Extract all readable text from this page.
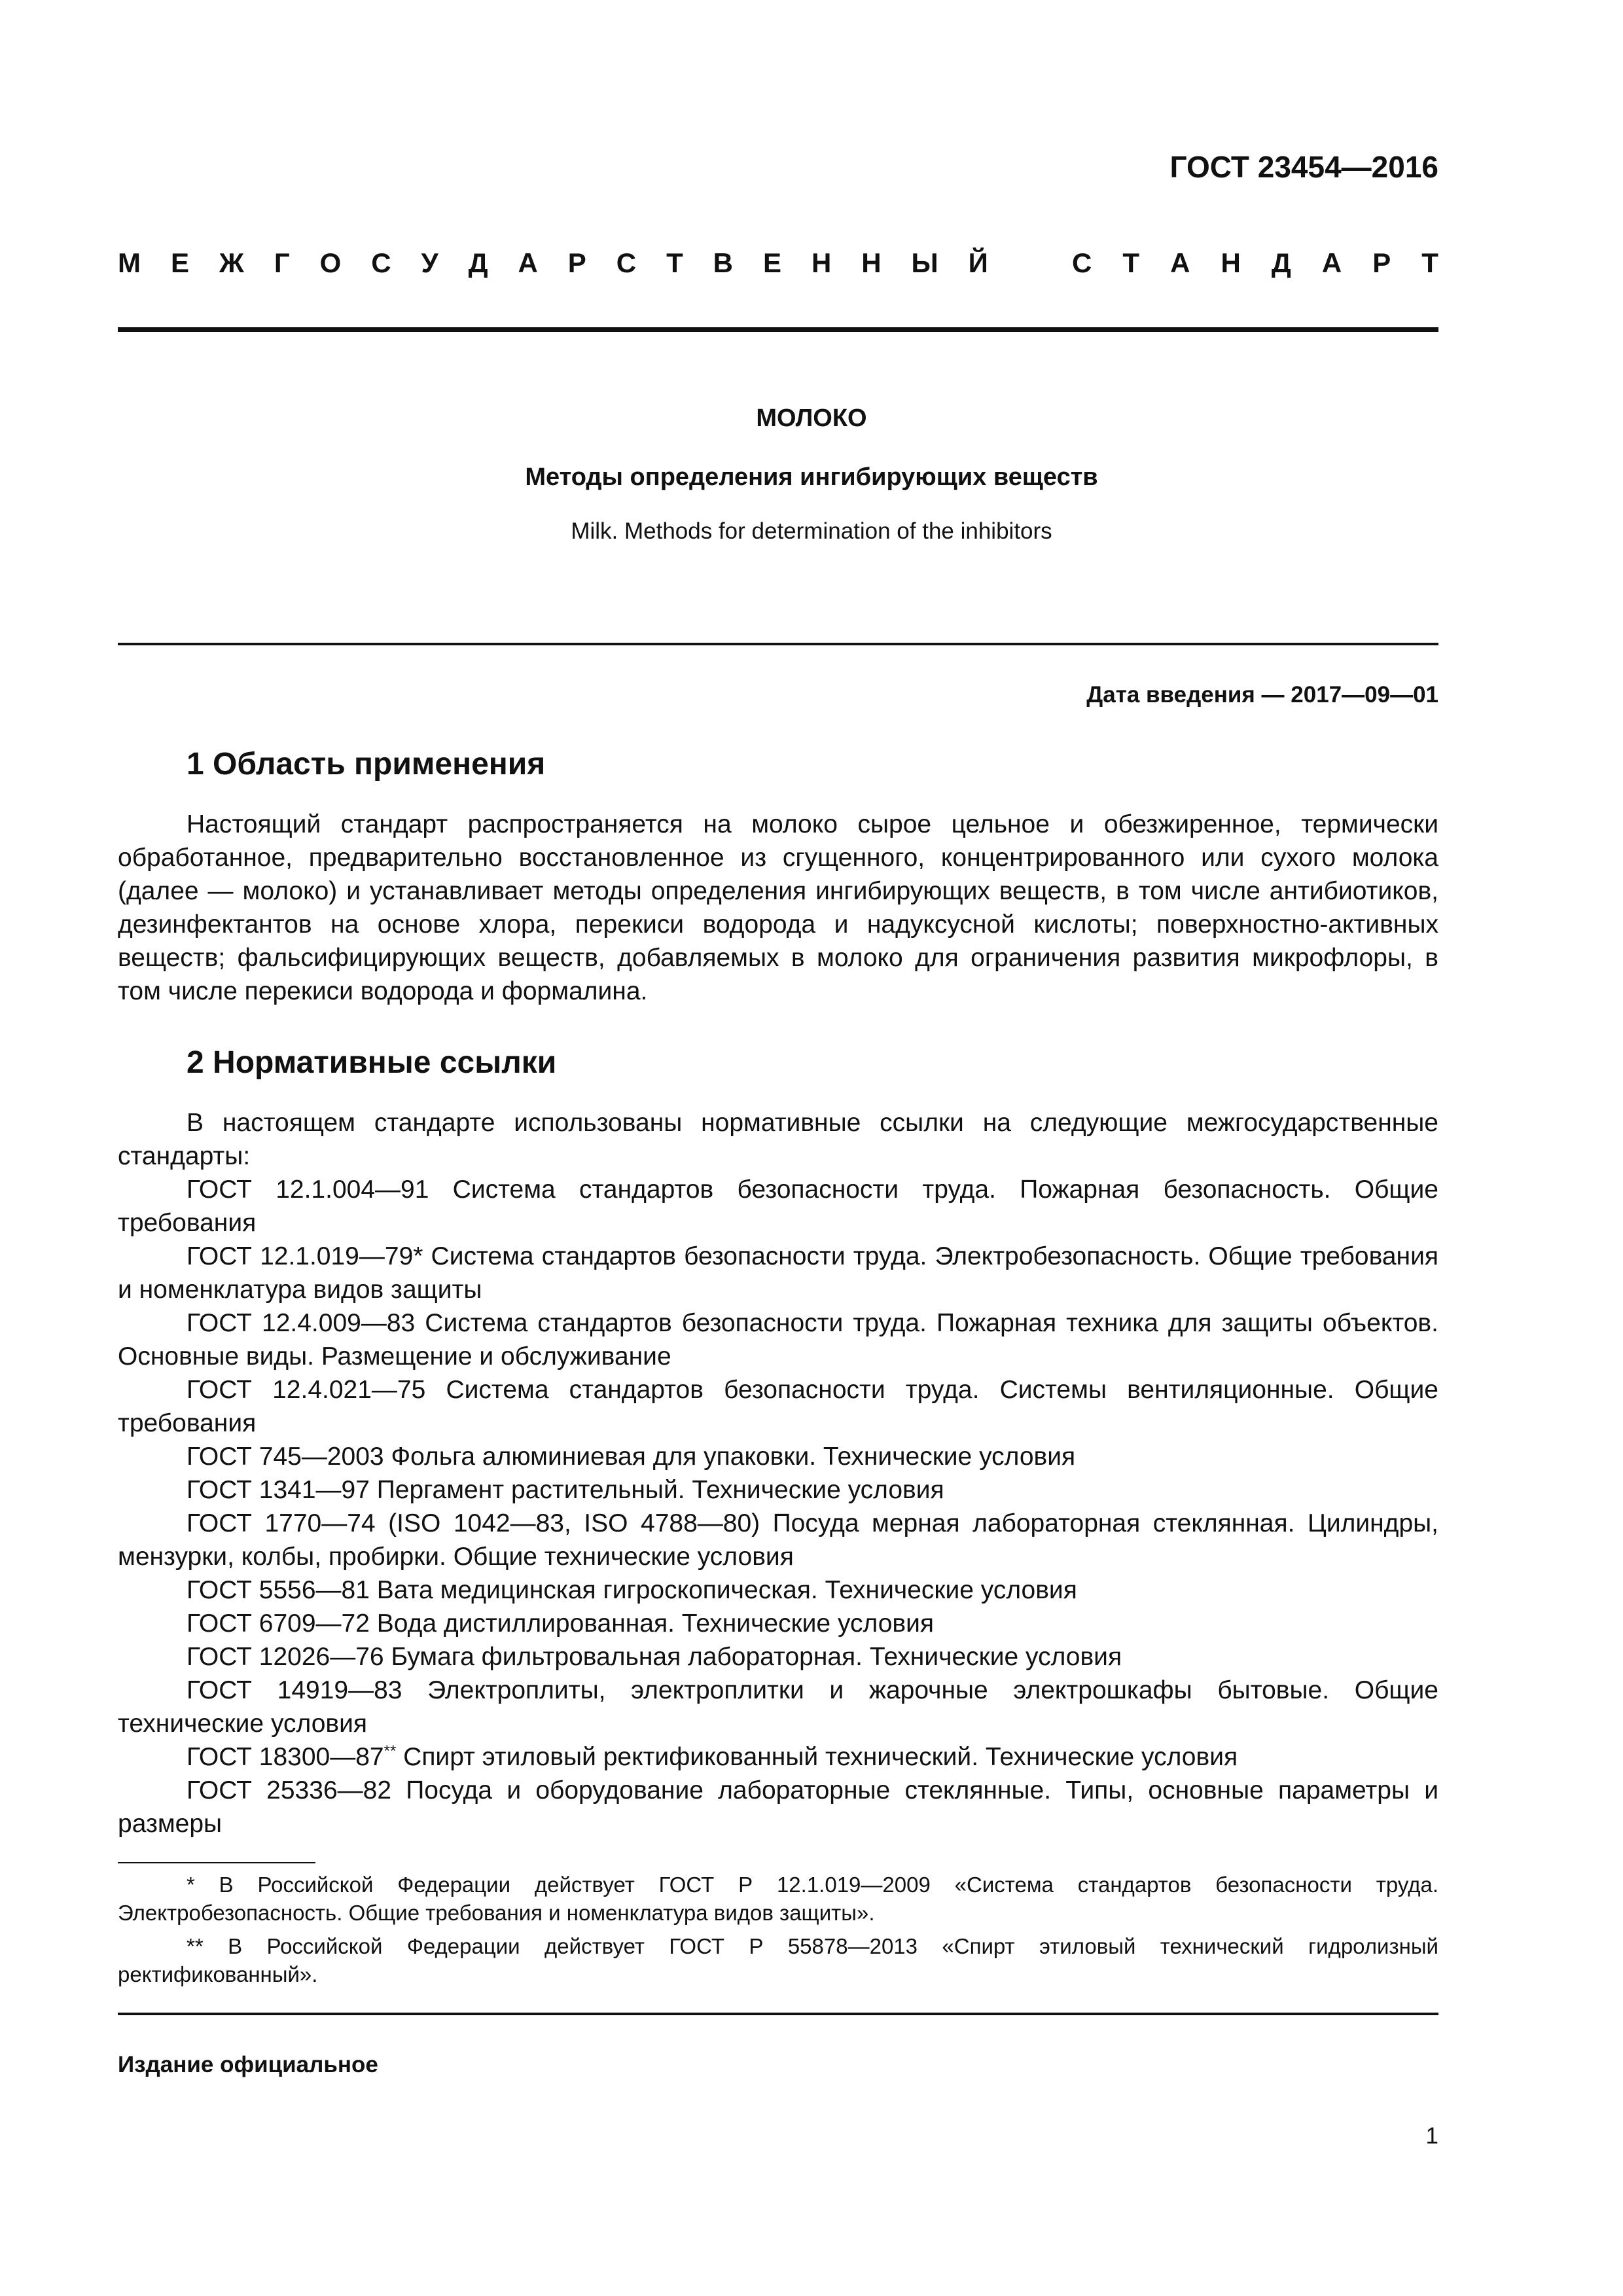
ГОСТ 23454—2016
М Е Ж Г О С У Д А Р С Т В Е Н Н Ы Й	С Т А Н Д А Р Т
МОЛОКО
Методы определения ингибирующих веществ
Milk. Methods for determination of the inhibitors
Дата введения — 2017—09—01
1 Область применения

Настоящий стандарт распространяется на молоко сырое цельное и обезжиренное, термически обработанное, предварительно восстановленное из сгущенного, концентрированного или сухого молока (далее — молоко) и устанавливает методы определения ингибирующих веществ, в том числе антибиотиков, дезинфектантов на основе хлора, перекиси водорода и надуксусной кислоты; поверхностно-активных веществ; фальсифицирующих веществ, добавляемых в молоко для ограничения развития микрофлоры, в том числе перекиси водорода и формалина.

2 Нормативные ссылки

В настоящем стандарте использованы нормативные ссылки на следующие межгосударственные стандарты:

ГОСТ 12.1.004—91 Система стандартов безопасности труда. Пожарная безопасность. Общие требования

ГОСТ 12.1.019—79* Система стандартов безопасности труда. Электробезопасность. Общие требования и номенклатура видов защиты

ГОСТ 12.4.009—83 Система стандартов безопасности труда. Пожарная техника для защиты объектов. Основные виды. Размещение и обслуживание

ГОСТ 12.4.021—75 Система стандартов безопасности труда. Системы вентиляционные. Общие требования

ГОСТ 745—2003 Фольга алюминиевая для упаковки. Технические условия

ГОСТ 1341—97 Пергамент растительный. Технические условия

ГОСТ 1770—74 (ISO 1042—83, ISO 4788—80) Посуда мерная лабораторная стеклянная. Цилиндры, мензурки, колбы, пробирки. Общие технические условия

ГОСТ 5556—81 Вата медицинская гигроскопическая. Технические условия

ГОСТ 6709—72 Вода дистиллированная. Технические условия

ГОСТ 12026—76 Бумага фильтровальная лабораторная. Технические условия

ГОСТ 14919—83 Электроплиты, электроплитки и жарочные электрошкафы бытовые. Общие технические условия

ГОСТ 18300—87** Спирт этиловый ректификованный технический. Технические условия

ГОСТ 25336—82 Посуда и оборудование лабораторные стеклянные. Типы, основные параметры и размеры

* В Российской Федерации действует ГОСТ Р 12.1.019—2009 «Система стандартов безопасности труда. Электробезопасность. Общие требования и номенклатура видов защиты».

** В Российской Федерации действует ГОСТ Р 55878—2013 «Спирт этиловый технический гидролизный ректификованный».

Издание официальное
1
